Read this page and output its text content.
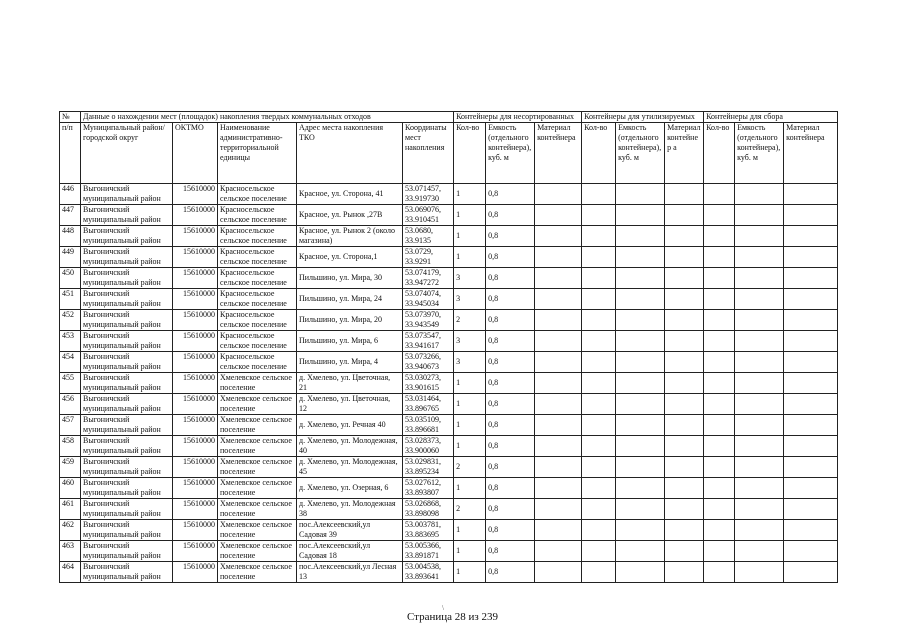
№	Данные о нахождении мест (площадок) накопления твердых коммунальных отходов					Контейнеры для несортированных			Контейнеры для утилизируемых			Контейнеры для сбора		
п/п	Муниципальный район/городской округ	ОКТМО	Наименование административно-территориальной единицы	Адрес места накопления ТКО	Координаты мест накопления	Кол-во	Емкость (отдельного контейнера), куб. м	Материал контейнера	Кол-во	Емкость (отдельного контейнера), куб. м	Материал контейнер а	Кол-во	Емкость (отдельного контейнера), куб. м	Материал контейнера
446	Выгоничский муниципальный район	15610000	Красносельское сельское поселение	Красное, ул. Сторона, 41	53.071457, 33.919730	1	0,8							
447	Выгоничский муниципальный район	15610000	Красносельское сельское поселение	Красное, ул. Рынок ,27В	53.069076, 33.910451	1	0,8							
448	Выгоничский муниципальный район	15610000	Красносельское сельское поселение	Красное, ул. Рынок 2 (около магазина)	53.0680, 33.9135	1	0,8							
449	Выгоничский муниципальный район	15610000	Красносельское сельское поселение	Красное, ул. Сторона,1	53.0729, 33.9291	1	0,8							
450	Выгоничский муниципальный район	15610000	Красносельское сельское поселение	Пильшино, ул. Мира, 30	53.074179, 33.947272	3	0,8							
451	Выгоничский муниципальный район	15610000	Красносельское сельское поселение	Пильшино, ул. Мира, 24	53.074074, 33.945034	3	0,8							
452	Выгоничский муниципальный район	15610000	Красносельское сельское поселение	Пильшино, ул. Мира, 20	53.073970, 33.943549	2	0,8							
453	Выгоничский муниципальный район	15610000	Красносельское сельское поселение	Пильшино, ул. Мира, 6	53.073547, 33.941617	3	0,8							
454	Выгоничский муниципальный район	15610000	Красносельское сельское поселение	Пильшино, ул. Мира, 4	53.073266, 33.940673	3	0,8							
455	Выгоничский муниципальный район	15610000	Хмелевское сельское поселение	д. Хмелево, ул. Цветочная, 21	53.030273, 33.901615	1	0,8							
456	Выгоничский муниципальный район	15610000	Хмелевское сельское поселение	д. Хмелево, ул. Цветочная, 12	53.031464, 33.896765	1	0,8							
457	Выгоничский муниципальный район	15610000	Хмелевское сельское поселение	д. Хмелево, ул. Речная 40	53.035109, 33.896681	1	0,8							
458	Выгоничский муниципальный район	15610000	Хмелевское сельское поселение	д. Хмелево, ул. Молодежная, 40	53.028373, 33.900060	1	0,8							
459	Выгоничский муниципальный район	15610000	Хмелевское сельское поселение	д. Хмелево, ул. Молодежная, 45	53.029831, 33.895234	2	0,8							
460	Выгоничский муниципальный район	15610000	Хмелевское сельское поселение	д. Хмелево, ул. Озерная, 6	53.027612, 33.893807	1	0,8							
461	Выгоничский муниципальный район	15610000	Хмелевское сельское поселение	д. Хмелево, ул. Молодежная 38	53.026868, 33.898098	2	0,8							
462	Выгоничский муниципальный район	15610000	Хмелевское сельское поселение	пос.Алексеевский,ул Садовая 39	53.003781, 33.883695	1	0,8							
463	Выгоничский муниципальный район	15610000	Хмелевское сельское поселение	пос.Алексеевский,ул Садовая 18	53.005366, 33.891871	1	0,8							
464	Выгоничский муниципальный район	15610000	Хмелевское сельское поселение	пос.Алексеевский,ул Лесная 13	53.004538, 33.893641	1	0,8							
\
Страница 28 из 239
